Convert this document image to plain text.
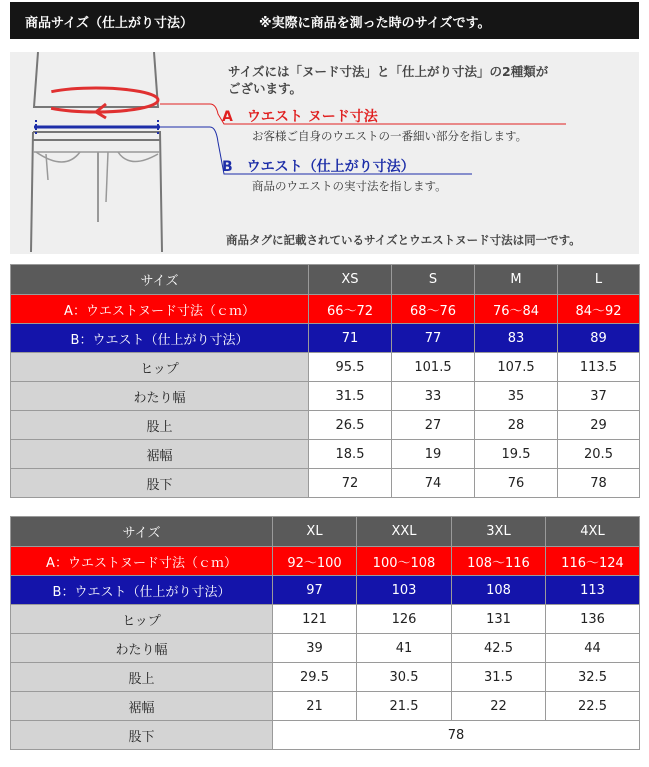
商品サイズ（仕上がり寸法）	※実際に商品を測った時のサイズです。
サイズには「ヌード寸法」と「仕上がり寸法」の2種類が
ございます。
A　ウエスト ヌード寸法
お客様ご自身のウエストの一番細い部分を指します。
B　ウエスト（仕上がり寸法）
商品のウエストの実寸法を指します。
商品タグに記載されているサイズとウエストヌード寸法は同一です。
サイズ	XS	S	M	L
A：ウエストヌード寸法（ｃｍ）	66～72	68～76	76～84	84～92
B：ウエスト（仕上がり寸法）	71	77	83	89
ヒップ	95.5	101.5	107.5	113.5
わたり幅	31.5	33	35	37
股上	26.5	27	28	29
裾幅	18.5	19	19.5	20.5
股下	72	74	76	78
サイズ	XL	XXL	3XL	4XL
A：ウエストヌード寸法（ｃｍ）	92～100	100～108	108～116	116～124
B：ウエスト（仕上がり寸法）	97	103	108	113
ヒップ	121	126	131	136
わたり幅	39	41	42.5	44
股上	29.5	30.5	31.5	32.5
裾幅	21	21.5	22	22.5
股下	78			
